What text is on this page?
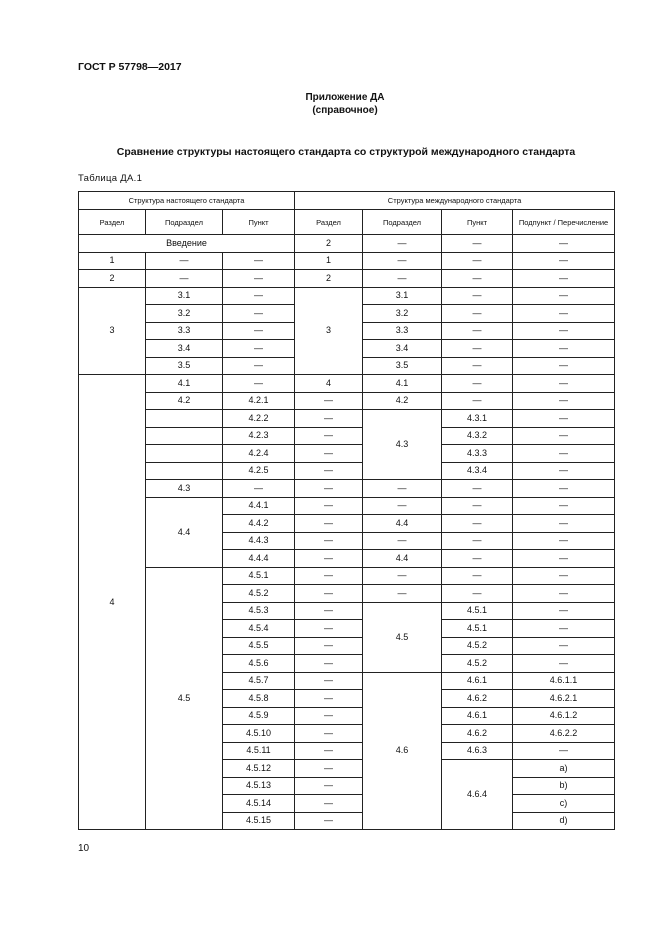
ГОСТ Р 57798—2017
Приложение ДА
(справочное)
Сравнение структуры настоящего стандарта со структурой международного стандарта
Таблица ДА.1
Структура настоящего стандарта			Структура международного стандарта			
Раздел	Подраздел	Пункт	Раздел	Подраздел	Пункт	Подпункт / Перечисление
Введение			2	—	—	—
1	—	—	1	—	—	—
2	—	—	2	—	—	—
3	3.1	—	3	3.1	—	—
	3.2	—		3.2	—	—
	3.3	—		3.3	—	—
	3.4	—		3.4	—	—
	3.5	—		3.5	—	—
4	4.1	—	4	4.1	—	—
	4.2	4.2.1	—	4.2	—	—
		4.2.2	—	4.3	4.3.1	—
		4.2.3	—		4.3.2	—
		4.2.4	—		4.3.3	—
		4.2.5	—		4.3.4	—
	4.3	—	—	—	—	—
	4.4	4.4.1	—	—	—	—
		4.4.2	—	4.4	—	—
		4.4.3	—	—	—	—
		4.4.4	—	4.4	—	—
	4.5	4.5.1	—	—	—	—
		4.5.2	—	—	—	—
		4.5.3	—	4.5	4.5.1	—
		4.5.4	—		4.5.1	—
		4.5.5	—		4.5.2	—
		4.5.6	—		4.5.2	—
		4.5.7	—	4.6	4.6.1	4.6.1.1
		4.5.8	—		4.6.2	4.6.2.1
		4.5.9	—		4.6.1	4.6.1.2
		4.5.10	—		4.6.2	4.6.2.2
		4.5.11	—		4.6.3	—
		4.5.12	—		4.6.4	a)
		4.5.13	—			b)
		4.5.14	—			c)
		4.5.15	—			d)
10
